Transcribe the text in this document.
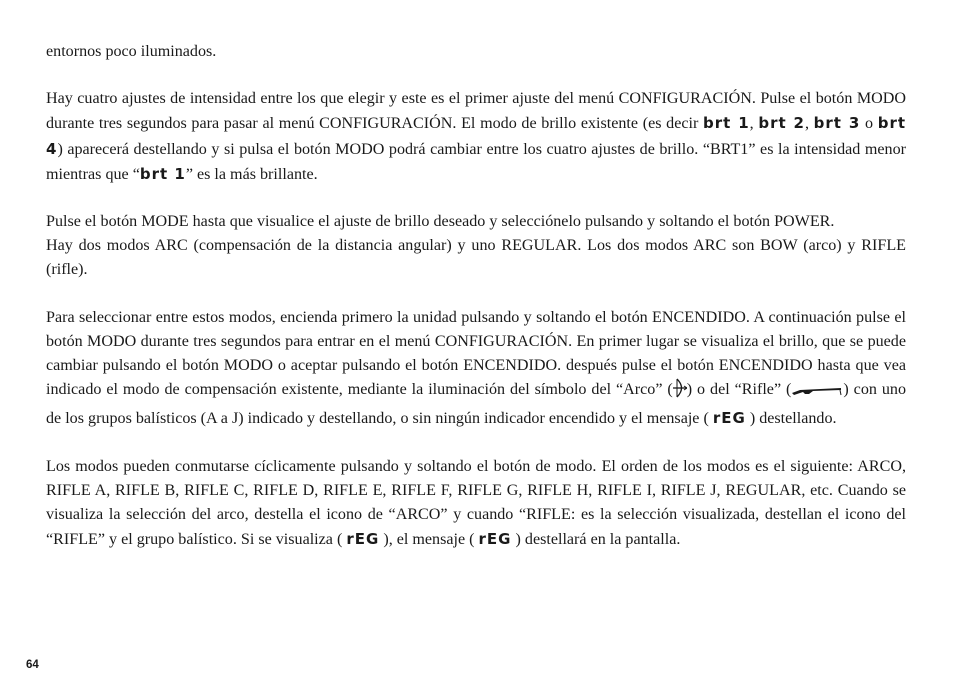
entornos poco iluminados.

Hay cuatro ajustes de intensidad entre los que elegir y este es el primer ajuste del menú CONFIGURACIÓN. Pulse el botón MODO durante tres segundos para pasar al menú CONFIGURACIÓN. El modo de brillo existente (es decir brt 1, brt 2, brt 3 o brt 4) aparecerá destellando y si pulsa el botón MODO podrá cambiar entre los cuatro ajustes de brillo. “BRT1” es la intensidad menor mientras que “brt 1” es la más brillante.

Pulse el botón MODE hasta que visualice el ajuste de brillo deseado y selecciónelo pulsando y soltando el botón POWER.

Hay dos modos ARC (compensación de la distancia angular) y uno REGULAR. Los dos modos ARC son BOW (arco) y RIFLE (rifle).

Para seleccionar entre estos modos, encienda primero la unidad pulsando y soltando el botón ENCENDIDO. A continuación pulse el botón MODO durante tres segundos para entrar en el menú CONFIGURACIÓN. En primer lugar se visualiza el brillo, que se puede cambiar pulsando el botón MODO o aceptar pulsando el botón ENCENDIDO. después pulse el botón ENCENDIDO hasta que vea indicado el modo de compensación existente, mediante la iluminación del símbolo del “Arco” ( ) o del “Rifle” (	) con uno de los grupos balísticos (A a J) indicado y destellando, o sin ningún indicador encendido y el mensaje ( rEG ) destellando.

Los modos pueden conmutarse cíclicamente pulsando y soltando el botón de modo. El orden de los modos es el siguiente: ARCO, RIFLE A, RIFLE B, RIFLE C, RIFLE D, RIFLE E, RIFLE F, RIFLE G, RIFLE H, RIFLE I, RIFLE J, REGULAR, etc. Cuando se visualiza la selección del arco, destella el icono de “ARCO” y cuando “RIFLE: es la selección visualizada, destellan el icono del “RIFLE” y el grupo balístico. Si se visualiza ( rEG ), el mensaje ( rEG ) destellará en la pantalla.

64
